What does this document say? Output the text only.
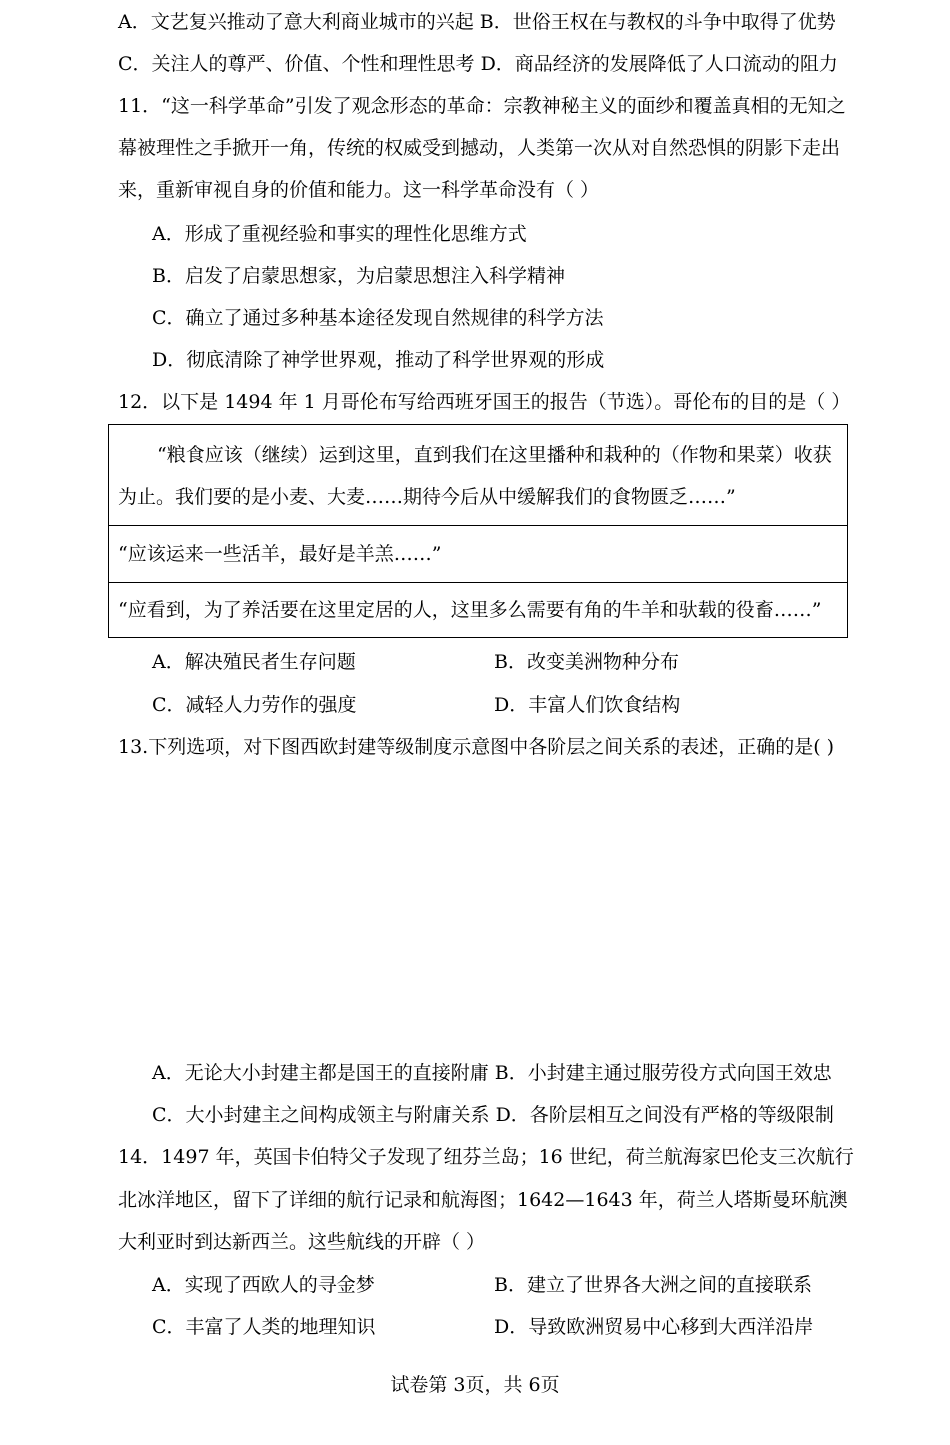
A．文艺复兴推动了意大利商业城市的兴起 B．世俗王权在与教权的斗争中取得了优势
C．关注人的尊严、价值、个性和理性思考 D．商品经济的发展降低了人口流动的阻力
11．“这一科学革命”引发了观念形态的革命：宗教神秘主义的面纱和覆盖真相的无知之
幕被理性之手掀开一角，传统的权威受到撼动，人类第一次从对自然恐惧的阴影下走出
来，重新审视自身的价值和能力。这一科学革命没有（ ）
A．形成了重视经验和事实的理性化思维方式
B．启发了启蒙思想家，为启蒙思想注入科学精神
C．确立了通过多种基本途径发现自然规律的科学方法
D．彻底清除了神学世界观，推动了科学世界观的形成
12．以下是 1494 年 1 月哥伦布写给西班牙国王的报告（节选）。哥伦布的目的是（ ）
“粮食应该（继续）运到这里，直到我们在这里播种和栽种的（作物和果菜）收获
为止。我们要的是小麦、大麦……期待今后从中缓解我们的食物匮乏……”
“应该运来一些活羊，最好是羊羔……”
“应看到，为了养活要在这里定居的人，这里多么需要有角的牛羊和驮载的役畜……”
A．解决殖民者生存问题	B．改变美洲物种分布
C．减轻人力劳作的强度	D．丰富人们饮食结构
13.下列选项，对下图西欧封建等级制度示意图中各阶层之间关系的表述，正确的是( )
A．无论大小封建主都是国王的直接附庸 B．小封建主通过服劳役方式向国王效忠
C．大小封建主之间构成领主与附庸关系 D．各阶层相互之间没有严格的等级限制
14．1497 年，英国卡伯特父子发现了纽芬兰岛；16 世纪，荷兰航海家巴伦支三次航行
北冰洋地区，留下了详细的航行记录和航海图；1642—1643 年，荷兰人塔斯曼环航澳
大利亚时到达新西兰。这些航线的开辟（ ）
A．实现了西欧人的寻金梦	B．建立了世界各大洲之间的直接联系
C．丰富了人类的地理知识	D．导致欧洲贸易中心移到大西洋沿岸
试卷第 3页，共 6页
